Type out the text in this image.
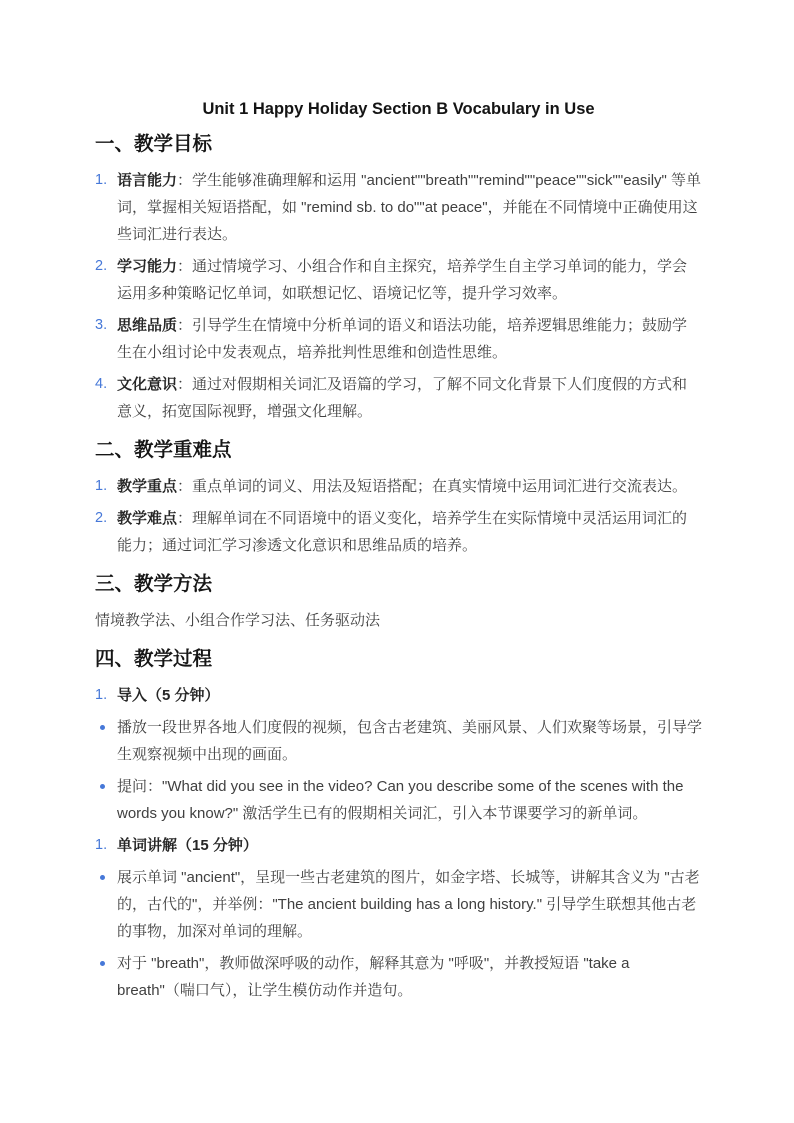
Unit 1 Happy Holiday Section B Vocabulary in Use
一、教学目标
1. 语言能力：学生能够准确理解和运用 "ancient""breath""remind""peace""sick""easily" 等单词，掌握相关短语搭配，如 "remind sb. to do""at peace"，并能在不同情境中正确使用这些词汇进行表达。
2. 学习能力：通过情境学习、小组合作和自主探究，培养学生自主学习单词的能力，学会运用多种策略记忆单词，如联想记忆、语境记忆等，提升学习效率。
3. 思维品质：引导学生在情境中分析单词的语义和语法功能，培养逻辑思维能力；鼓励学生在小组讨论中发表观点，培养批判性思维和创造性思维。
4. 文化意识：通过对假期相关词汇及语篇的学习，了解不同文化背景下人们度假的方式和意义，拓宽国际视野，增强文化理解。
二、教学重难点
1. 教学重点：重点单词的词义、用法及短语搭配；在真实情境中运用词汇进行交流表达。
2. 教学难点：理解单词在不同语境中的语义变化，培养学生在实际情境中灵活运用词汇的能力；通过词汇学习渗透文化意识和思维品质的培养。
三、教学方法
情境教学法、小组合作学习法、任务驱动法
四、教学过程
1. 导入（5 分钟）
播放一段世界各地人们度假的视频，包含古老建筑、美丽风景、人们欢聚等场景，引导学生观察视频中出现的画面。
提问："What did you see in the video? Can you describe some of the scenes with the words you know?" 激活学生已有的假期相关词汇，引入本节课要学习的新单词。
1. 单词讲解（15 分钟）
展示单词 "ancient"，呈现一些古老建筑的图片，如金字塔、长城等，讲解其含义为 "古老的，古代的"，并举例："The ancient building has a long history." 引导学生联想其他古老的事物，加深对单词的理解。
对于 "breath"，教师做深呼吸的动作，解释其意为 "呼吸"，并教授短语 "take a breath"（喘口气），让学生模仿动作并造句。
